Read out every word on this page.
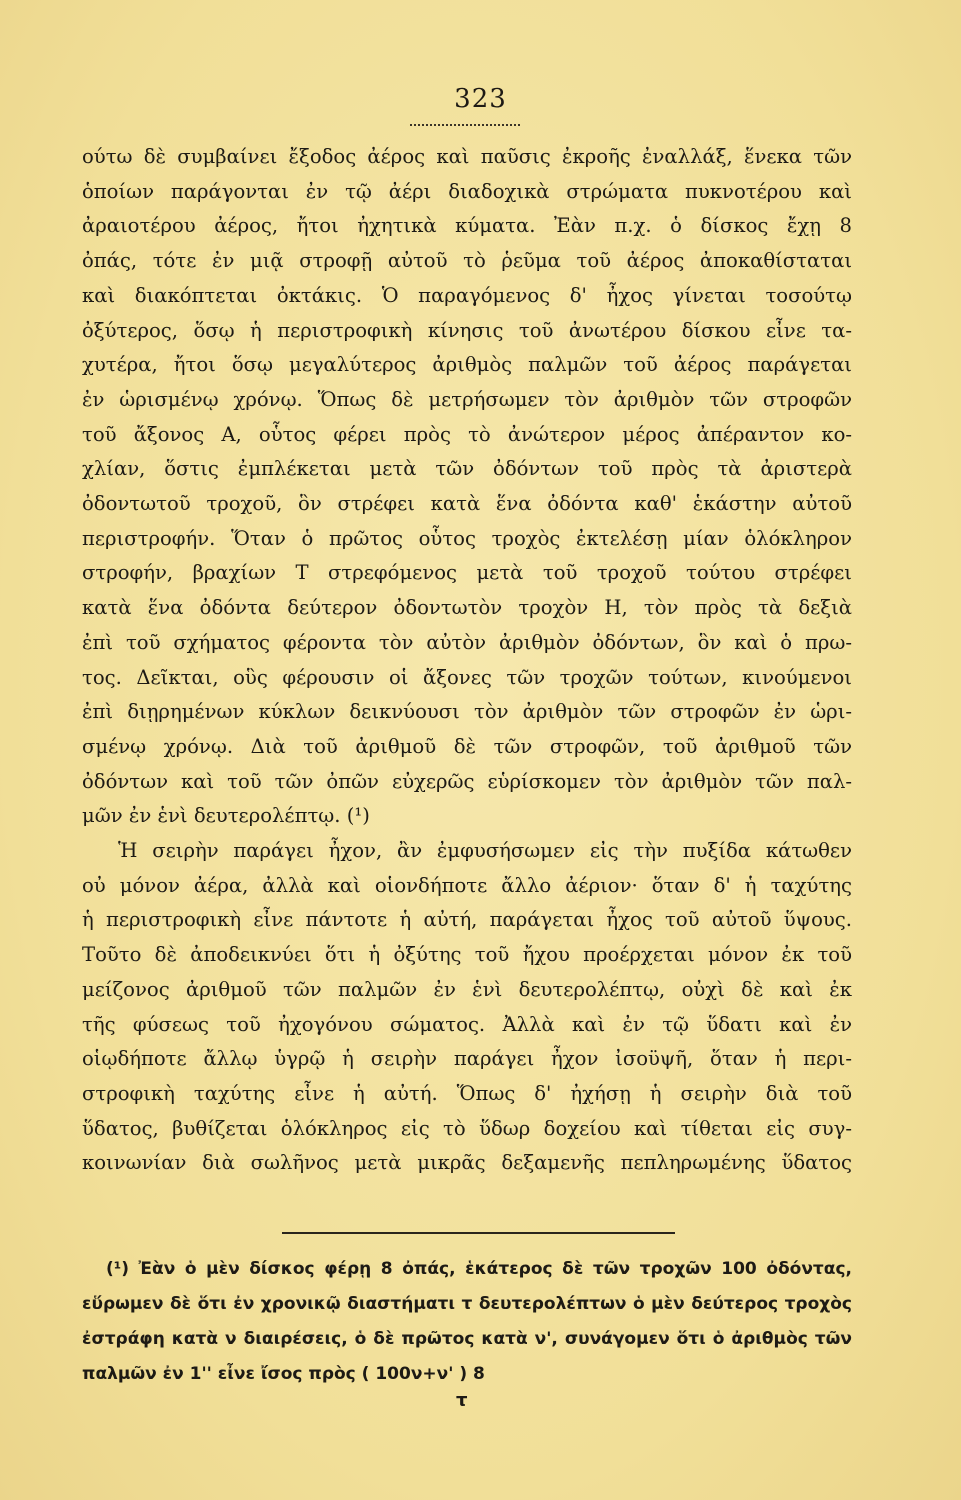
323
ούτω δὲ συμβαίνει ἔξοδος ἀέρος καὶ παῦσις ἐκροῆς ἐναλλάξ, ἕνεκα τῶν
ὁποίων παράγονται ἐν τῷ ἀέρι διαδοχικὰ στρώματα πυκνοτέρου καὶ
ἀραιοτέρου ἀέρος, ἤτοι ἠχητικὰ κύματα. Ἐὰν π.χ. ὁ δίσκος ἔχῃ 8
ὀπάς, τότε ἐν μιᾷ στροφῇ αὐτοῦ τὸ ῥεῦμα τοῦ ἀέρος ἀποκαθίσταται
καὶ διακόπτεται ὀκτάκις. Ὁ παραγόμενος δ' ἦχος γίνεται τοσούτῳ
ὀξύτερος, ὅσῳ ἡ περιστροφικὴ κίνησις τοῦ ἀνωτέρου δίσκου εἶνε τα-
χυτέρα, ἤτοι ὅσῳ μεγαλύτερος ἀριθμὸς παλμῶν τοῦ ἀέρος παράγεται
ἐν ὡρισμένῳ χρόνῳ. Ὅπως δὲ μετρήσωμεν τὸν ἀριθμὸν τῶν στροφῶν
τοῦ ἄξονος Α, οὗτος φέρει πρὸς τὸ ἀνώτερον μέρος ἀπέραντον κο-
χλίαν, ὅστις ἐμπλέκεται μετὰ τῶν ὀδόντων τοῦ πρὸς τὰ ἀριστερὰ
ὀδοντωτοῦ τροχοῦ, ὃν στρέφει κατὰ ἕνα ὀδόντα καθ' ἑκάστην αὐτοῦ
περιστροφήν. Ὅταν ὁ πρῶτος οὗτος τροχὸς ἐκτελέσῃ μίαν ὁλόκληρον
στροφήν, βραχίων Τ στρεφόμενος μετὰ τοῦ τροχοῦ τούτου στρέφει
κατὰ ἕνα ὀδόντα δεύτερον ὀδοντωτὸν τροχὸν Η, τὸν πρὸς τὰ δεξιὰ
ἐπὶ τοῦ σχήματος φέροντα τὸν αὐτὸν ἀριθμὸν ὀδόντων, ὃν καὶ ὁ πρω-
τος. Δεῖκται, οὓς φέρουσιν οἱ ἄξονες τῶν τροχῶν τούτων, κινούμενοι
ἐπὶ διῃρημένων κύκλων δεικνύουσι τὸν ἀριθμὸν τῶν στροφῶν ἐν ὡρι-
σμένῳ χρόνῳ. Διὰ τοῦ ἀριθμοῦ δὲ τῶν στροφῶν, τοῦ ἀριθμοῦ τῶν
ὀδόντων καὶ τοῦ τῶν ὀπῶν εὐχερῶς εὑρίσκομεν τὸν ἀριθμὸν τῶν παλ-
μῶν ἐν ἑνὶ δευτερολέπτῳ. (¹)
Ἡ σειρὴν παράγει ἦχον, ἂν ἐμφυσήσωμεν εἰς τὴν πυξίδα κάτωθεν
οὐ μόνον ἀέρα, ἀλλὰ καὶ οἱονδήποτε ἄλλο ἀέριον· ὅταν δ' ἡ ταχύτης
ἡ περιστροφικὴ εἶνε πάντοτε ἡ αὐτή, παράγεται ἦχος τοῦ αὐτοῦ ὕψους.
Τοῦτο δὲ ἀποδεικνύει ὅτι ἡ ὀξύτης τοῦ ἤχου προέρχεται μόνον ἐκ τοῦ
μείζονος ἀριθμοῦ τῶν παλμῶν ἐν ἑνὶ δευτερολέπτῳ, οὐχὶ δὲ καὶ ἐκ
τῆς φύσεως τοῦ ἠχογόνου σώματος. Ἀλλὰ καὶ ἐν τῷ ὕδατι καὶ ἐν
οἱῳδήποτε ἄλλῳ ὑγρῷ ἡ σειρὴν παράγει ἦχον ἰσοϋψῆ, ὅταν ἡ περι-
στροφικὴ ταχύτης εἶνε ἡ αὐτή. Ὅπως δ' ἠχήσῃ ἡ σειρὴν διὰ τοῦ
ὕδατος, βυθίζεται ὁλόκληρος εἰς τὸ ὕδωρ δοχείου καὶ τίθεται εἰς συγ-
κοινωνίαν διὰ σωλῆνος μετὰ μικρᾶς δεξαμενῆς πεπληρωμένης ὕδατος
(¹) Ἐὰν ὁ μὲν δίσκος φέρῃ 8 ὀπάς, ἑκάτερος δὲ τῶν τροχῶν 100 ὀδόντας,
εὕρωμεν δὲ ὅτι ἐν χρονικῷ διαστήματι τ δευτερολέπτων ὁ μὲν δεύτερος τροχὸς
ἐστράφη κατὰ ν διαιρέσεις, ὁ δὲ πρῶτος κατὰ ν', συνάγομεν ὅτι ὁ ἀριθμὸς τῶν
παλμῶν ἐν 1'' εἶνε ἴσος πρὸς ( 100ν+ν' ) 8
τ
